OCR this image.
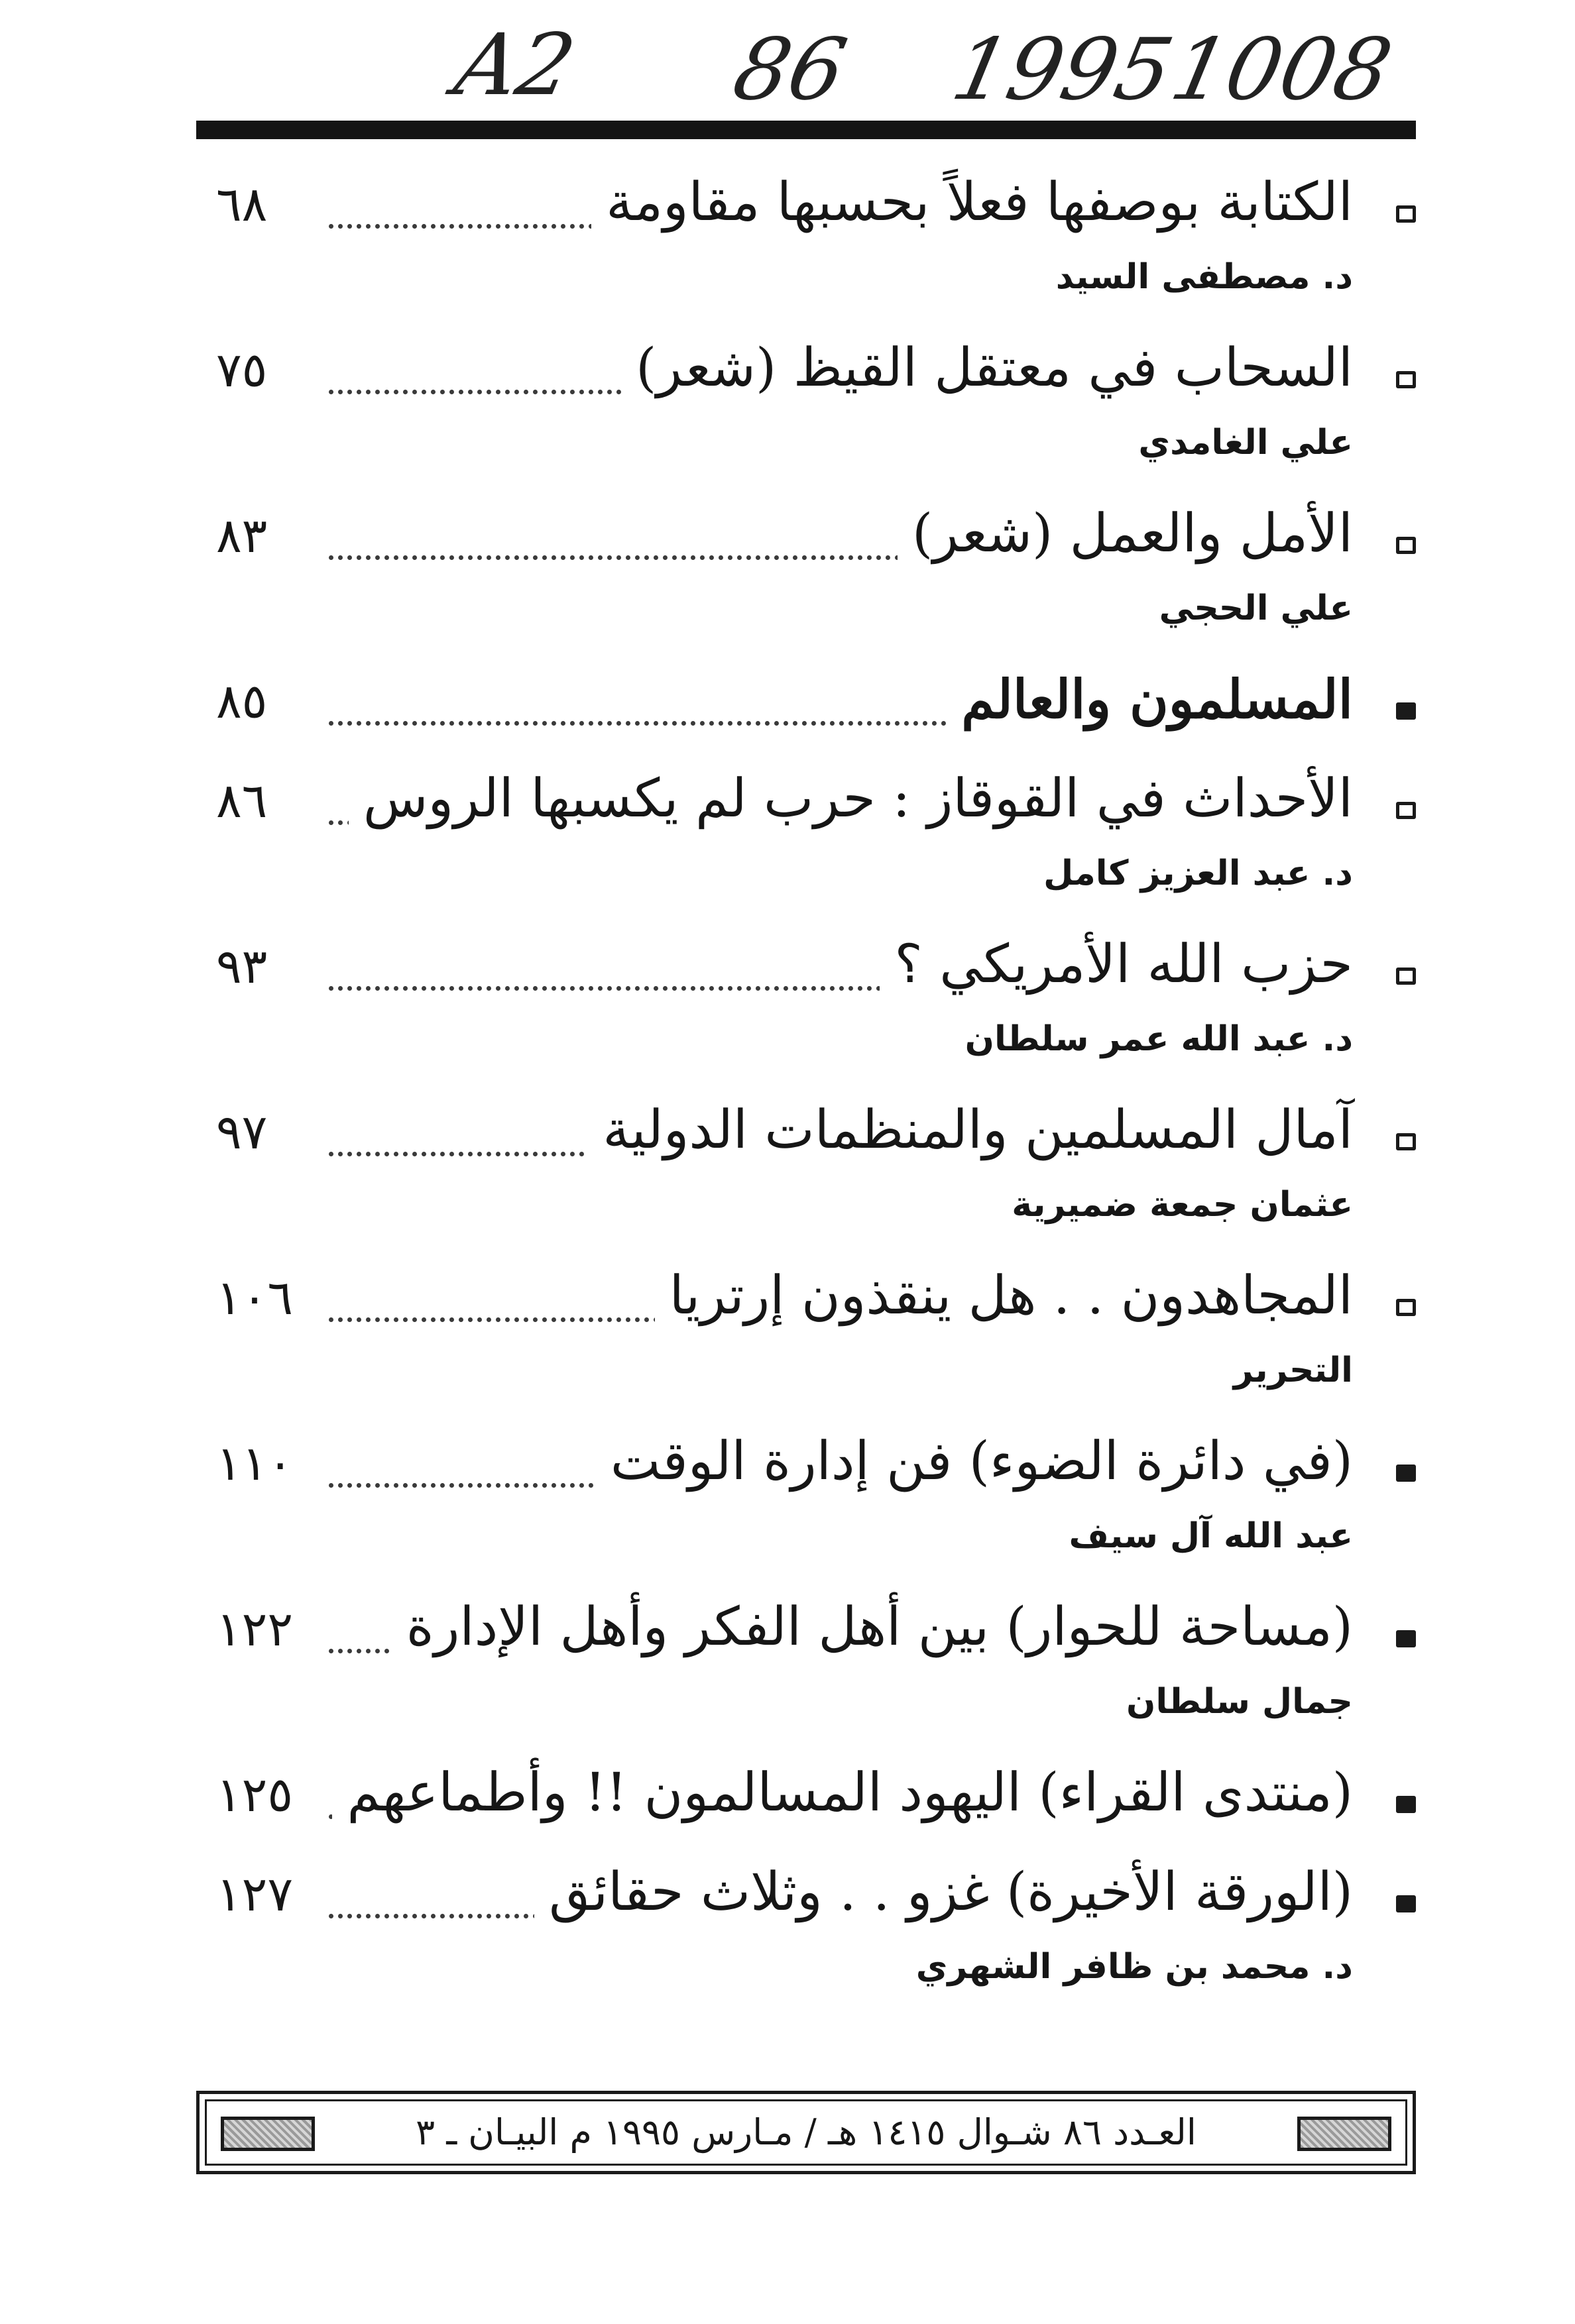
A2 86 1995
1008
الكتابة بوصفها فعلاً بحسبها مقاومة
٦٨
د. مصطفى السيد
السحاب في معتقل القيظ (شعر)
٧٥
علي الغامدي
الأمل والعمل (شعر)
٨٣
علي الحجي
المسلمون والعالم
٨٥
الأحداث في القوقاز : حرب لم يكسبها الروس
٨٦
د. عبد العزيز كامل
حزب الله الأمريكي ؟
٩٣
د. عبد الله عمر سلطان
آمال المسلمين والمنظمات الدولية
٩٧
عثمان جمعة ضميرية
المجاهدون . . هل ينقذون إرتريا
١٠٦
التحرير
(في دائرة الضوء) فن إدارة الوقت
١١٠
عبد الله آل سيف
(مساحة للحوار) بين أهل الفكر وأهل الإدارة
١٢٢
جمال سلطان
(منتدى القراء) اليهود المسالمون !! وأطماعهم
١٢٥
(الورقة الأخيرة) غزو . . وثلاث حقائق
١٢٧
د. محمد بن ظافر الشهري
العـدد ٨٦ شـوال ١٤١٥ هـ / مـارس ١٩٩٥ م البيـان ـ ٣
